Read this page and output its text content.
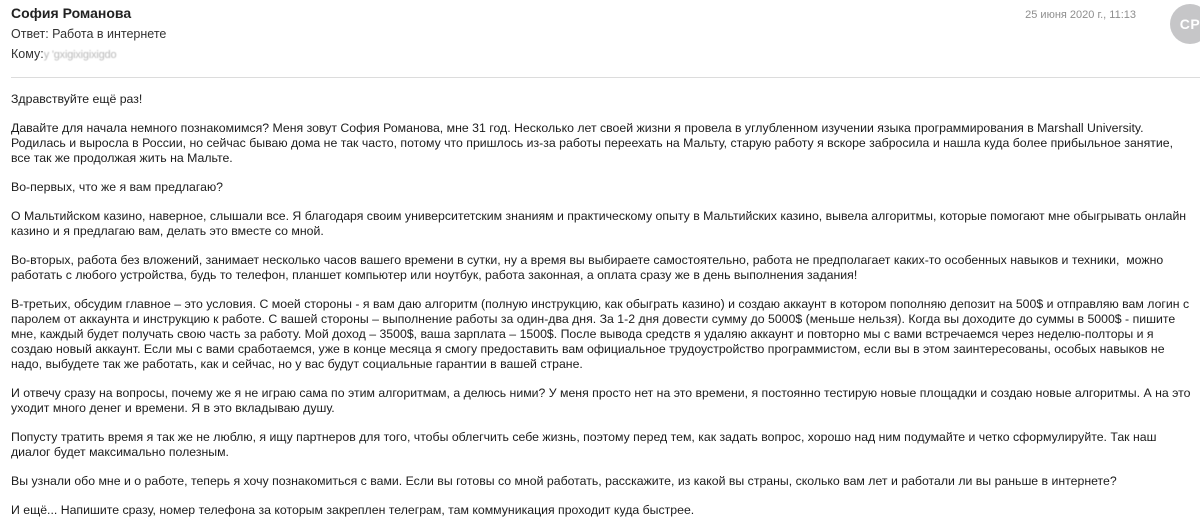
София Романова
Ответ: Работа в интернете
Кому:y 'gxigixigixigdo
25 июня 2020 г., 11:13
СР

Здравствуйте ещё раз!

Давайте для начала немного познакомимся? Меня зовут София Романова, мне 31 год. Несколько лет своей жизни я провела в углубленном изучении языка программирования в Marshall University. Родилась и выросла в России, но сейчас бываю дома не так часто, потому что пришлось из-за работы переехать на Мальту, старую работу я вскоре забросила и нашла куда более прибыльное занятие, все так же продолжая жить на Мальте.

Во-первых, что же я вам предлагаю?

О Мальтийском казино, наверное, слышали все. Я благодаря своим университетским знаниям и практическому опыту в Мальтийских казино, вывела алгоритмы, которые помогают мне обыгрывать онлайн казино и я предлагаю вам, делать это вместе со мной.

Во-вторых, работа без вложений, занимает несколько часов вашего времени в сутки, ну а время вы выбираете самостоятельно, работа не предполагает каких-то особенных навыков и техники,  можно работать с любого устройства, будь то телефон, планшет компьютер или ноутбук, работа законная, а оплата сразу же в день выполнения задания!

В-третьих, обсудим главное – это условия. С моей стороны - я вам даю алгоритм (полную инструкцию, как обыграть казино) и создаю аккаунт в котором пополняю депозит на 500$ и отправляю вам логин с паролем от аккаунта и инструкцию к работе. С вашей стороны – выполнение работы за один-два дня. За 1-2 дня довести сумму до 5000$ (меньше нельзя). Когда вы доходите до суммы в 5000$ - пишите мне, каждый будет получать свою часть за работу. Мой доход – 3500$, ваша зарплата – 1500$. После вывода средств я удаляю аккаунт и повторно мы с вами встречаемся через неделю-полторы и я создаю новый аккаунт. Если мы с вами сработаемся, уже в конце месяца я смогу предоставить вам официальное трудоустройство программистом, если вы в этом заинтересованы, особых навыков не надо, выбудете так же работать, как и сейчас, но у вас будут социальные гарантии в вашей стране.

И отвечу сразу на вопросы, почему же я не играю сама по этим алгоритмам, а делюсь ними? У меня просто нет на это времени, я постоянно тестирую новые площадки и создаю новые алгоритмы. А на это уходит много денег и времени. Я в это вкладываю душу.

Попусту тратить время я так же не люблю, я ищу партнеров для того, чтобы облегчить себе жизнь, поэтому перед тем, как задать вопрос, хорошо над ним подумайте и четко сформулируйте. Так наш диалог будет максимально полезным.

Вы узнали обо мне и о работе, теперь я хочу познакомиться с вами. Если вы готовы со мной работать, расскажите, из какой вы страны, сколько вам лет и работали ли вы раньше в интернете?

И ещё... Напишите сразу, номер телефона за которым закреплен телеграм, там коммуникация проходит куда быстрее.
